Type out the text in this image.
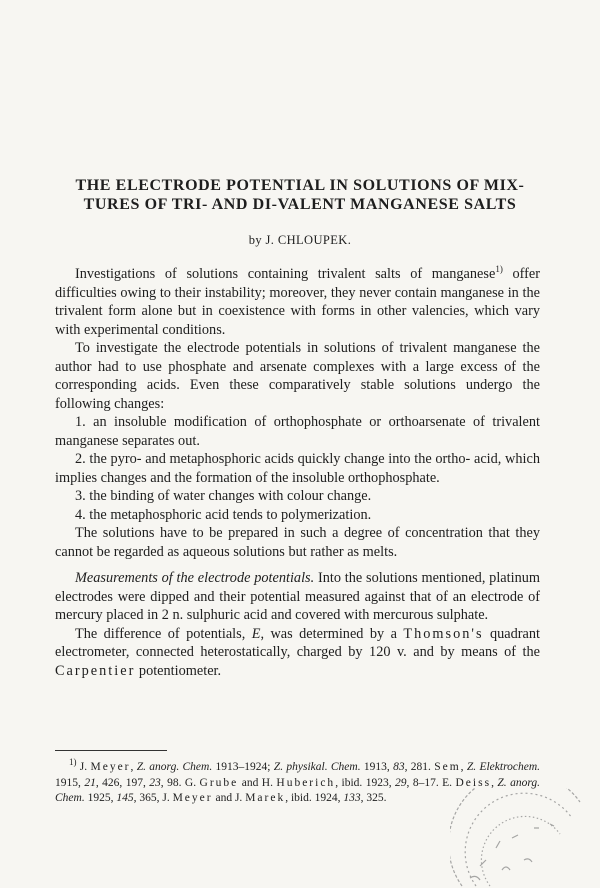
THE ELECTRODE POTENTIAL IN SOLUTIONS OF MIX-
TURES OF TRI- AND DI-VALENT MANGANESE SALTS
by J. CHLOUPEK.

Investigations of solutions containing trivalent salts of manganese$^{1)}$ offer difficulties owing to their instability; moreover, they never contain manganese in the trivalent form alone but in coexistence with forms in other valencies, which vary with experimental conditions.

To investigate the electrode potentials in solutions of trivalent manganese the author had to use phosphate and arsenate complexes with a large excess of the corresponding acids. Even these comparatively stable solutions undergo the following changes:

1. an insoluble modification of orthophosphate or orthoarsenate of trivalent manganese separates out.

2. the pyro- and metaphosphoric acids quickly change into the ortho- acid, which implies changes and the formation of the insoluble orthophosphate.

3. the binding of water changes with colour change.

4. the metaphosphoric acid tends to polymerization.

The solutions have to be prepared in such a degree of concentration that they cannot be regarded as aqueous solutions but rather as melts.

Measurements of the electrode potentials. Into the solutions mentioned, platinum electrodes were dipped and their potential measured against that of an electrode of mercury placed in 2 n. sulphuric acid and covered with mercurous sulphate.

The difference of potentials, E, was determined by a Thomson's quadrant electrometer, connected heterostatically, charged by 120 v. and by means of the Carpentier potentiometer.

$^{1)}$ J. Meyer, Z. anorg. Chem. 1913–1924; Z. physikal. Chem. 1913, 83, 281. Sem, Z. Elektrochem. 1915, 21, 426, 197, 23, 98. G. Grube and H. Huberich, ibid. 1923, 29, 8–17. E. Deiss, Z. anorg. Chem. 1925, 145, 365, J. Meyer and J. Marek, ibid. 1924, 133, 325.
